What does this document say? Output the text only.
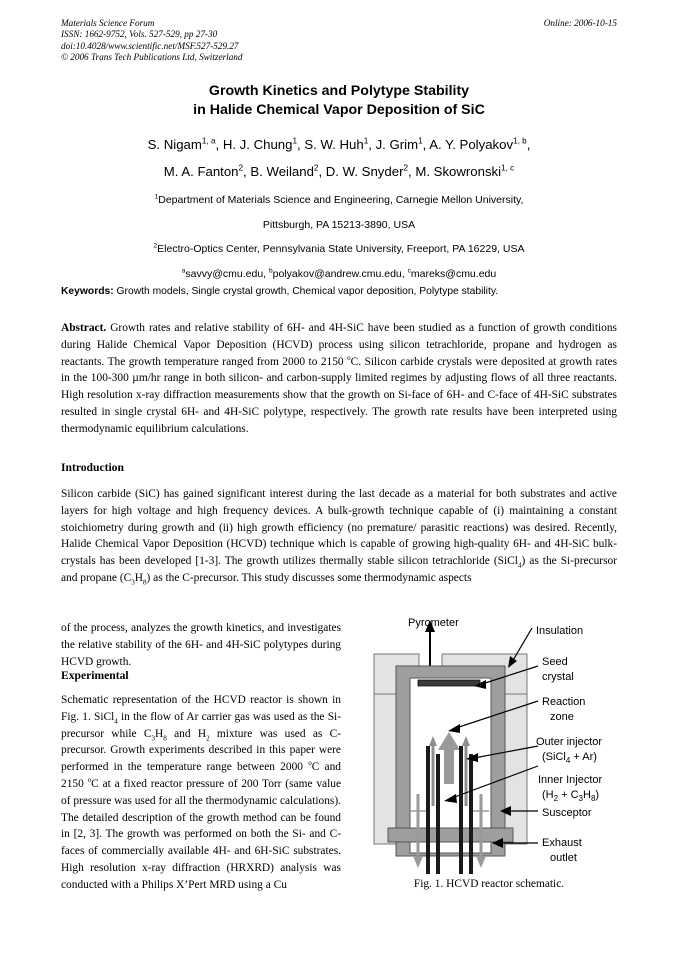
Online: 2006-10-15
Materials Science Forum
ISSN: 1662-9752, Vols. 527-529, pp 27-30
doi:10.4028/www.scientific.net/MSF.527-529.27
© 2006 Trans Tech Publications Ltd, Switzerland
Growth Kinetics and Polytype Stability
in Halide Chemical Vapor Deposition of SiC
S. Nigam$^{1, a}$, H. J. Chung$^1$, S. W. Huh$^1$, J. Grim$^1$, A. Y. Polyakov$^{1, b}$,
M. A. Fanton$^2$, B. Weiland$^2$, D. W. Snyder$^2$, M. Skowronski$^{1, c}$
$^1$Department of Materials Science and Engineering, Carnegie Mellon University,
Pittsburgh, PA 15213-3890, USA
$^2$Electro-Optics Center, Pennsylvania State University, Freeport, PA 16229, USA
$^a$savvy@cmu.edu, $^b$polyakov@andrew.cmu.edu, $^c$mareks@cmu.edu
Keywords: Growth models, Single crystal growth, Chemical vapor deposition, Polytype stability.
Abstract. Growth rates and relative stability of 6H- and 4H-SiC have been studied as a function of growth conditions during Halide Chemical Vapor Deposition (HCVD) process using silicon tetrachloride, propane and hydrogen as reactants. The growth temperature ranged from 2000 to 2150 $^o$C. Silicon carbide crystals were deposited at growth rates in the 100-300 µm/hr range in both silicon- and carbon-supply limited regimes by adjusting flows of all three reactants. High resolution x-ray diffraction measurements show that the growth on Si-face of 6H- and C-face of 4H-SiC substrates resulted in single crystal 6H- and 4H-SiC polytype, respectively. The growth rate results have been interpreted using thermodynamic equilibrium calculations.
Introduction
Silicon carbide (SiC) has gained significant interest during the last decade as a material for both substrates and active layers for high voltage and high frequency devices. A bulk-growth technique capable of (i) maintaining a constant stoichiometry during growth and (ii) high growth efficiency (no premature/ parasitic reactions) was desired. Recently, Halide Chemical Vapor Deposition (HCVD) technique which is capable of growing high-quality 6H- and 4H-SiC bulk-crystals has been developed [1-3]. The growth utilizes thermally stable silicon tetrachloride (SiCl$_4$) as the Si-precursor and propane $(C_3H_8)$ as the C-precursor. This study discusses some thermodynamic aspects
of the process, analyzes the growth kinetics, and investigates the relative stability of the 6H- and 4H-SiC polytypes during HCVD growth.
Experimental
Schematic representation of the HCVD reactor is shown in Fig. 1. SiCl$_4$ in the flow of Ar carrier gas was used as the Si-precursor while $C_3H_8$ and $H_2$ mixture was used as C-precursor. Growth experiments described in this paper were performed in the temperature range between 2000 $^o$C and 2150 $^o$C at a fixed reactor pressure of 200 Torr (same value of pressure was used for all the thermodynamic calculations). The detailed description of the growth method can be found in [2, 3]. The growth was performed on both the Si- and C-faces of commercially available 4H- and 6H-SiC substrates. High resolution x-ray diffraction (HRXRD) analysis was conducted with a Philips X’Pert MRD using a Cu
Pyrometer
Insulation
Seed
crystal
Reaction
zone
Outer injector
(SiCl$_4$ + Ar)
Inner Injector
$(H_2 + C_3H_8)$
Susceptor
Exhaust
outlet
Fig. 1. HCVD reactor schematic.
